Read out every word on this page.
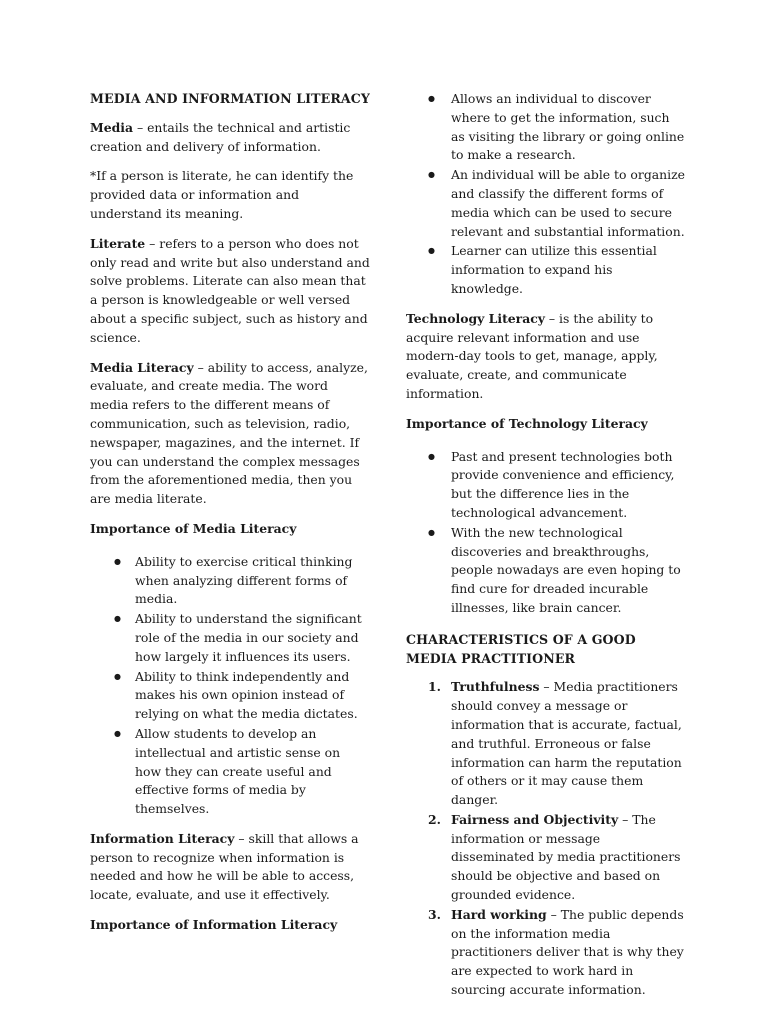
MEDIA AND INFORMATION LITERACY

Media – entails the technical and artistic creation and delivery of information.

*If a person is literate, he can identify the provided data or information and understand its meaning.

Literate – refers to a person who does not only read and write but also understand and solve problems. Literate can also mean that a person is knowledgeable or well versed about a specific subject, such as history and science.

Media Literacy – ability to access, analyze, evaluate, and create media. The word media refers to the different means of communication, such as television, radio, newspaper, magazines, and the internet. If you can understand the complex messages from the aforementioned media, then you are media literate.

Importance of Media Literacy

● Ability to exercise critical thinking when analyzing different forms of media.
● Ability to understand the significant role of the media in our society and how largely it influences its users.
● Ability to think independently and makes his own opinion instead of relying on what the media dictates.
● Allow students to develop an intellectual and artistic sense on how they can create useful and effective forms of media by themselves.

Information Literacy – skill that allows a person to recognize when information is needed and how he will be able to access, locate, evaluate, and use it effectively.

Importance of Information Literacy

● Allows an individual to discover where to get the information, such as visiting the library or going online to make a research.
● An individual will be able to organize and classify the different forms of media which can be used to secure relevant and substantial information.
● Learner can utilize this essential information to expand his knowledge.

Technology Literacy – is the ability to acquire relevant information and use modern-day tools to get, manage, apply, evaluate, create, and communicate information.

Importance of Technology Literacy

● Past and present technologies both provide convenience and efficiency, but the difference lies in the technological advancement.
● With the new technological discoveries and breakthroughs, people nowadays are even hoping to find cure for dreaded incurable illnesses, like brain cancer.
CHARACTERISTICS OF A GOOD MEDIA PRACTITIONER
1. Truthfulness – Media practitioners should convey a message or information that is accurate, factual, and truthful. Erroneous or false information can harm the reputation of others or it may cause them danger.
2. Fairness and Objectivity – The information or message disseminated by media practitioners should be objective and based on grounded evidence.
3. Hard working – The public depends on the information media practitioners deliver that is why they are expected to work hard in sourcing accurate information.
